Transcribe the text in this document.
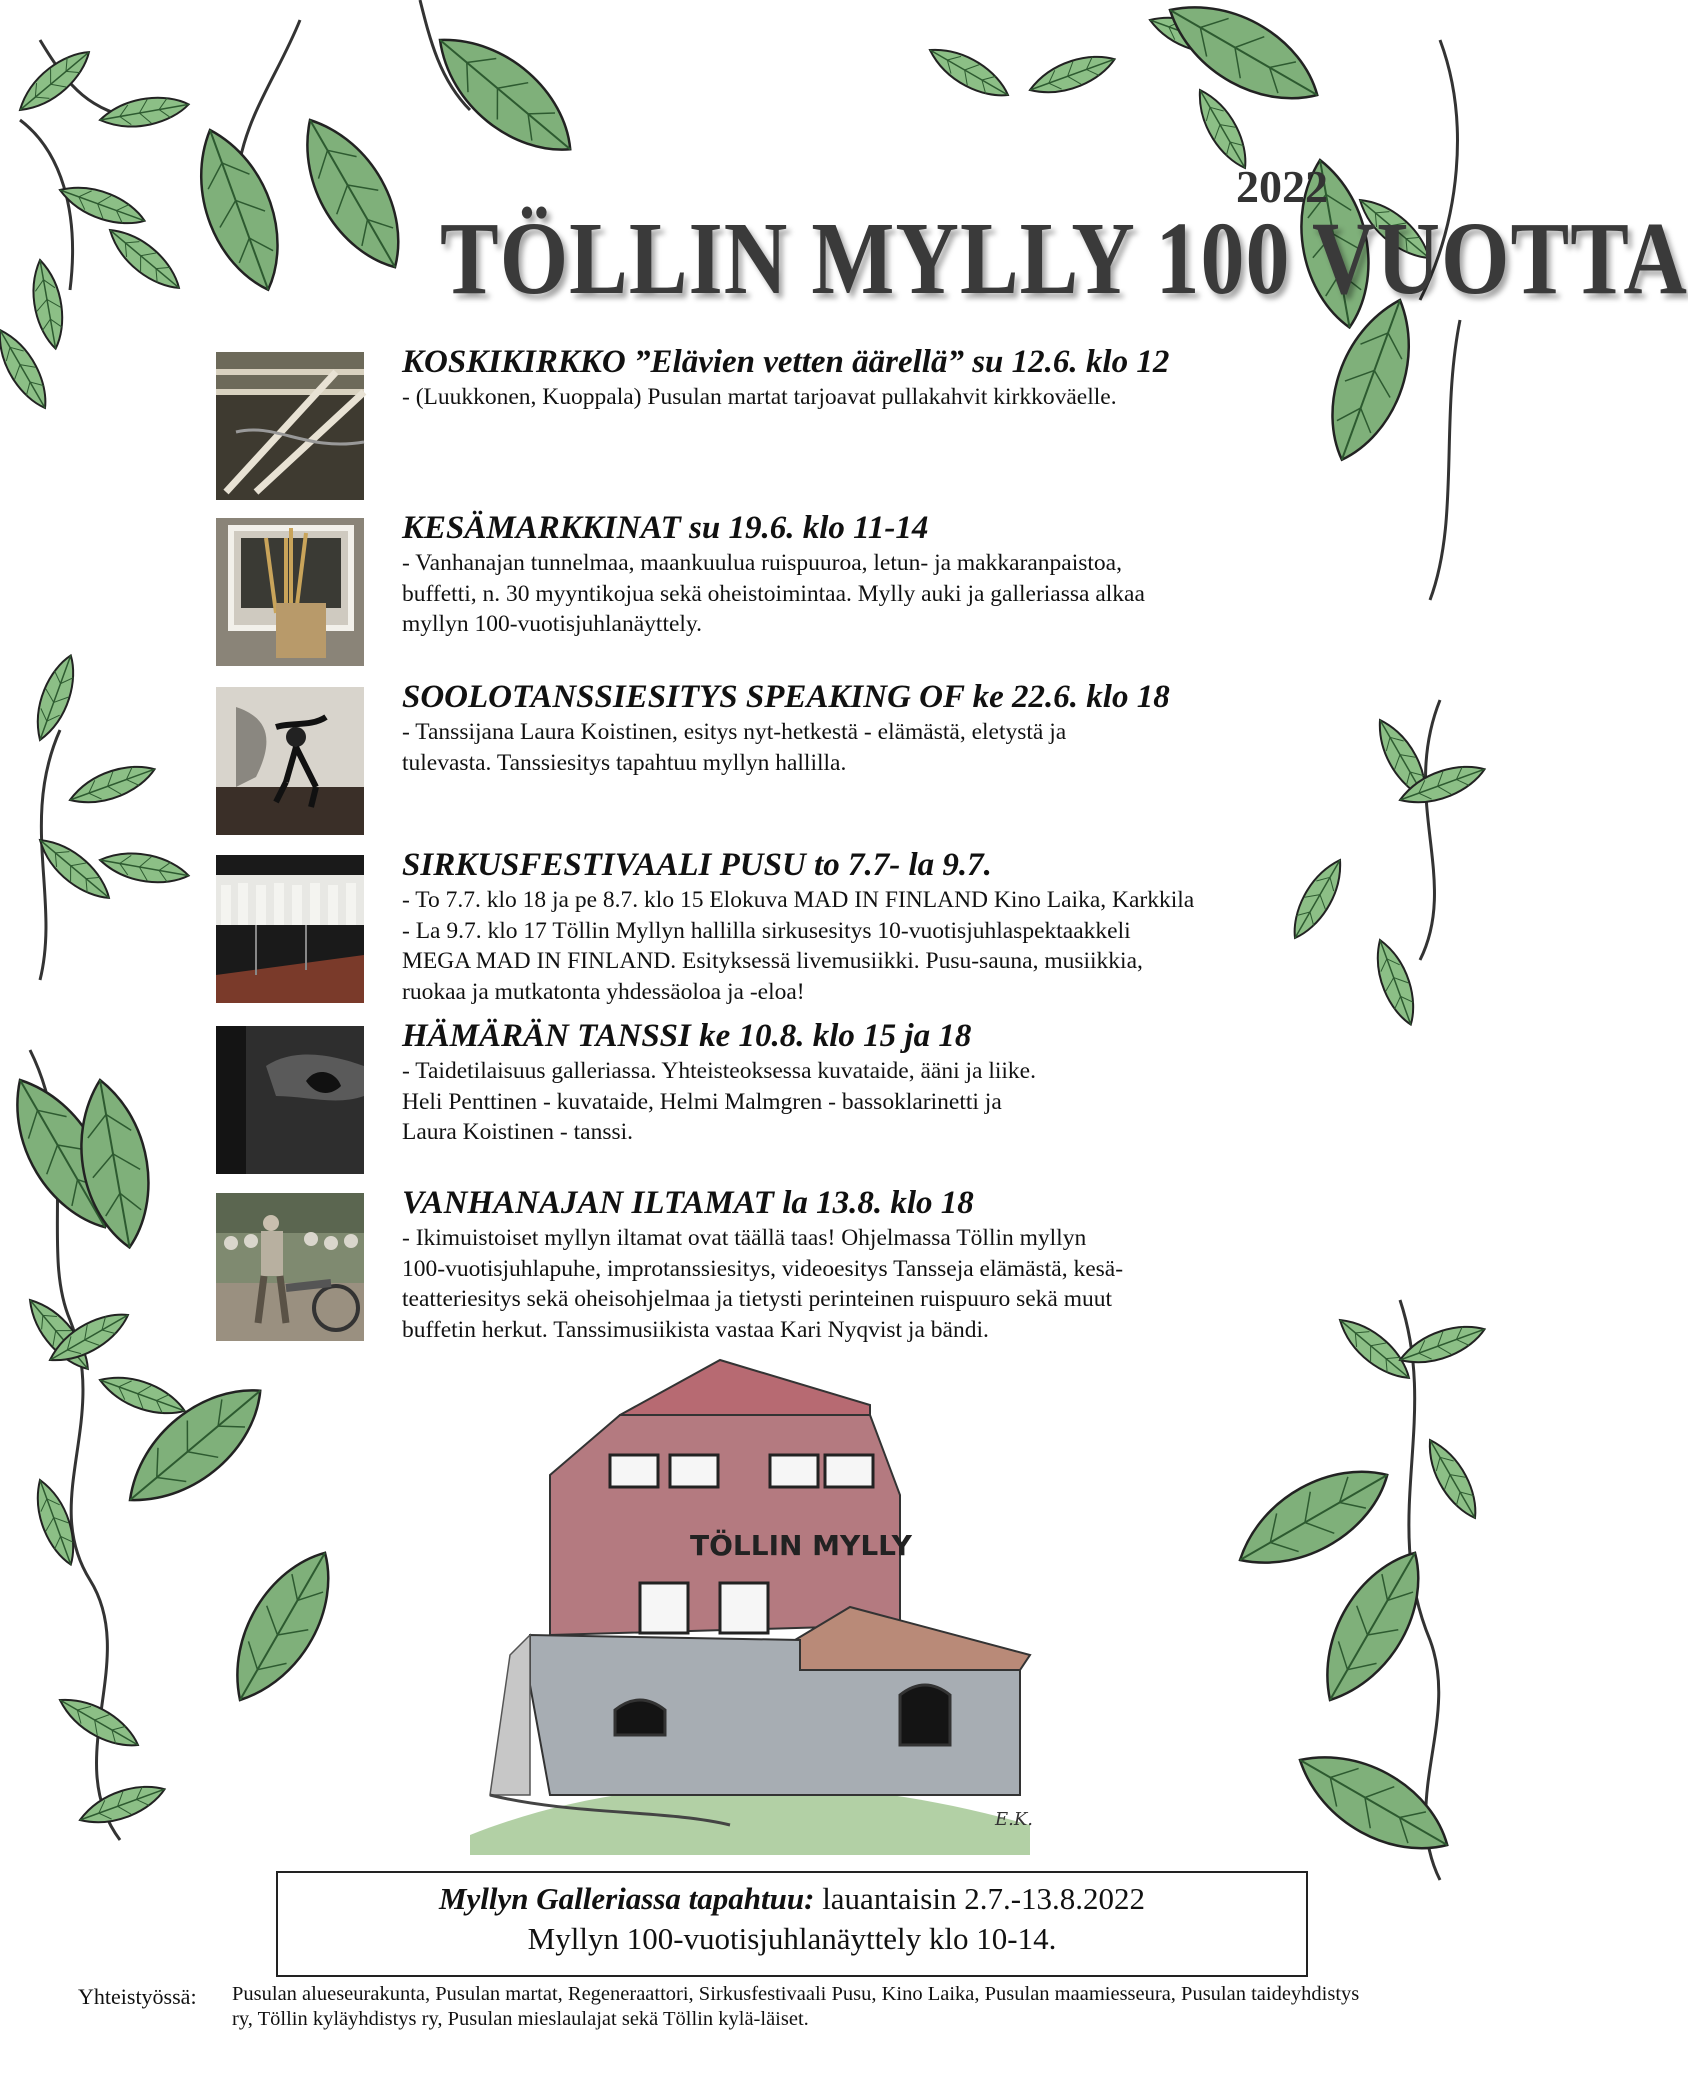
2022
TÖLLIN MYLLY 100 VUOTTA
KOSKIKIRKKO ”Elävien vetten äärellä” su 12.6. klo 12
- (Luukkonen, Kuoppala) Pusulan martat tarjoavat pullakahvit kirkkoväelle.
KESÄMARKKINAT su 19.6. klo 11-14
- Vanhanajan tunnelmaa, maankuulua ruispuuroa, letun- ja makkaranpaistoa,
buffetti, n. 30 myyntikojua sekä oheistoimintaa. Mylly auki ja galleriassa alkaa
myllyn 100-vuotisjuhlanäyttely.
SOOLOTANSSIESITYS SPEAKING OF ke 22.6. klo 18
- Tanssijana Laura Koistinen, esitys nyt-hetkestä - elämästä, eletystä ja
tulevasta. Tanssiesitys tapahtuu myllyn hallilla.
SIRKUSFESTIVAALI PUSU to 7.7- la 9.7.
- To 7.7. klo 18 ja pe 8.7. klo 15 Elokuva MAD IN FINLAND Kino Laika, Karkkila
- La 9.7. klo 17 Töllin Myllyn hallilla sirkusesitys 10-vuotisjuhlaspektaakkeli
MEGA MAD IN FINLAND. Esityksessä livemusiikki. Pusu-sauna, musiikkia,
ruokaa ja mutkatonta yhdessäoloa ja -eloa!
HÄMÄRÄN TANSSI ke 10.8. klo 15 ja 18
- Taidetilaisuus galleriassa. Yhteisteoksessa kuvataide, ääni ja liike.
Heli Penttinen - kuvataide, Helmi Malmgren - bassoklarinetti ja
Laura Koistinen - tanssi.
VANHANAJAN ILTAMAT la 13.8. klo 18
- Ikimuistoiset myllyn iltamat ovat täällä taas! Ohjelmassa Töllin myllyn
100-vuotisjuhlapuhe, improtanssiesitys, videoesitys Tansseja elämästä, kesä-
teatteriesitys sekä oheisohjelmaa ja tietysti perinteinen ruispuuro sekä muut
buffetin herkut. Tanssimusiikista vastaa Kari Nyqvist ja bändi.
TÖLLIN MYLLY
E.K.
Myllyn Galleriassa tapahtuu: lauantaisin 2.7.-13.8.2022
Myllyn 100-vuotisjuhlanäyttely klo 10-14.
Yhteistyössä: Pusulan alueseurakunta, Pusulan martat, Regeneraattori, Sirkusfestivaali Pusu, Kino Laika, Pusulan maamiesseura, Pusulan taideyhdistys ry, Töllin kyläyhdistys ry, Pusulan mieslaulajat sekä Töllin kylä-läiset.
